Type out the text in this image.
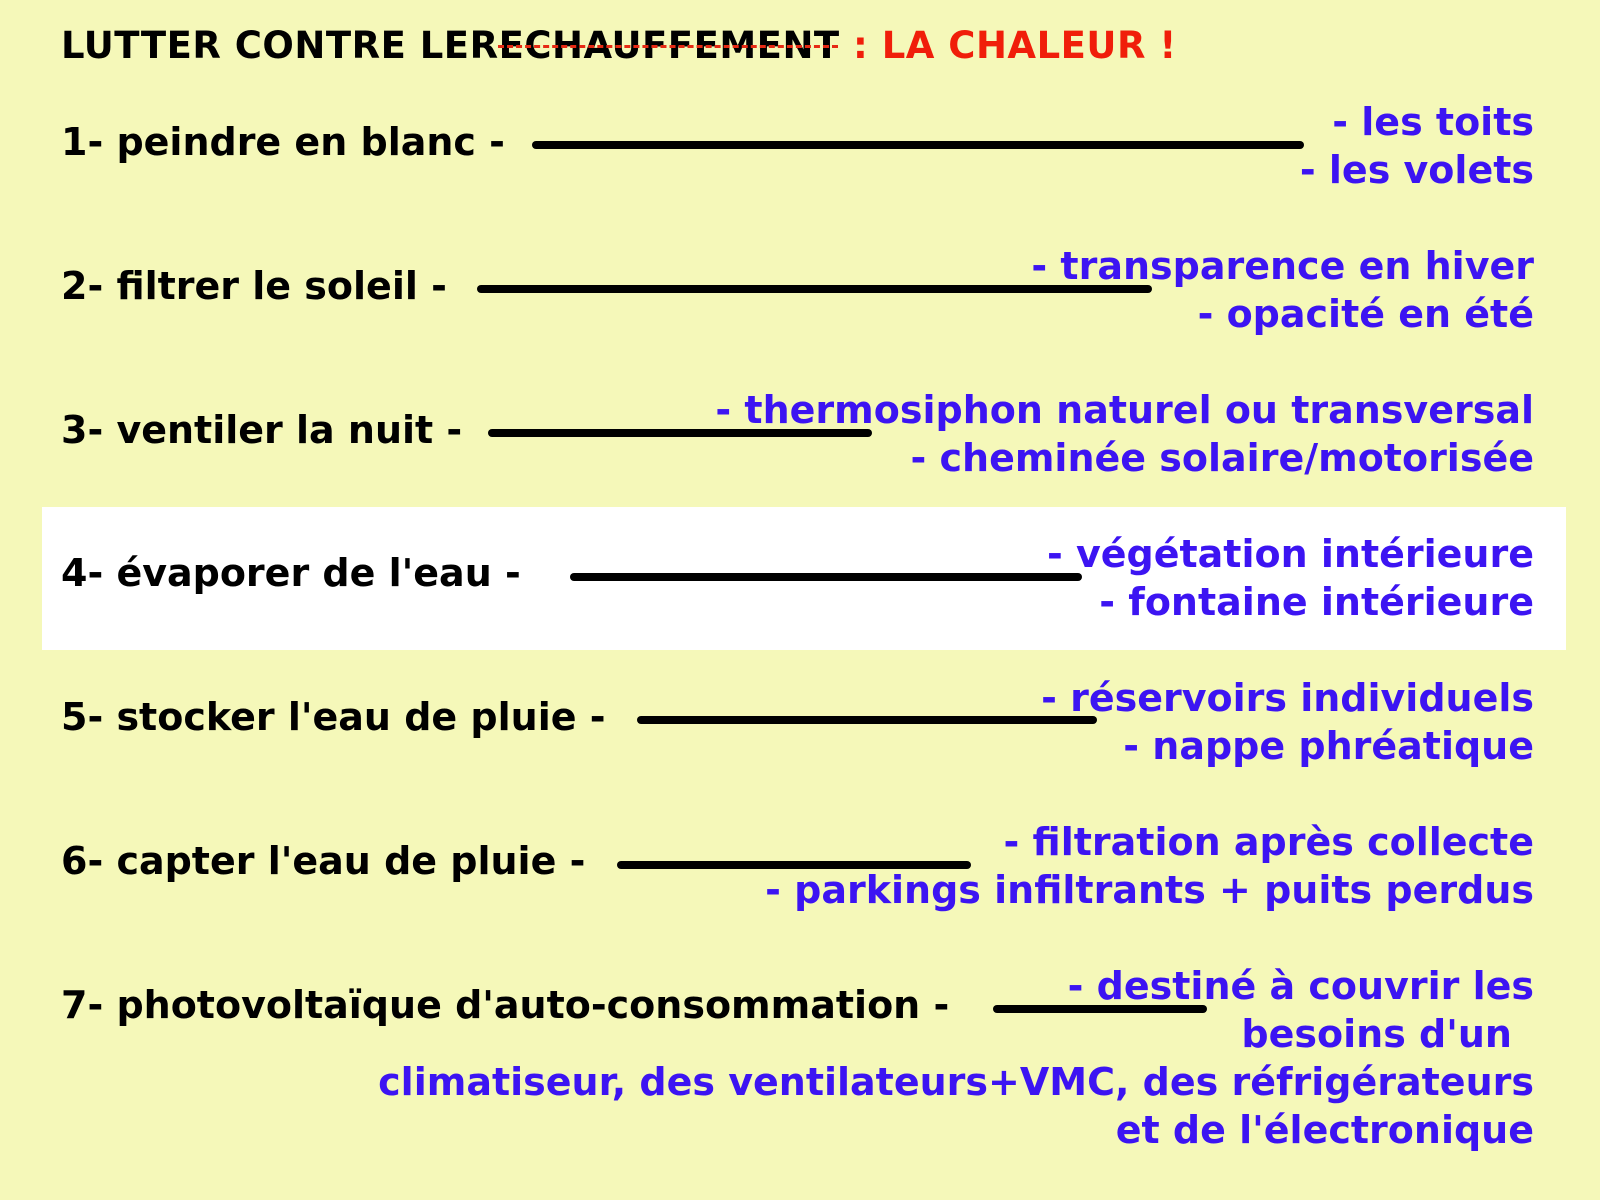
LUTTER CONTRE LERECHAUFFEMENT : LA CHALEUR !
1- peindre en blanc -	- les toits
- les volets
2- filtrer le soleil -	- transparence en hiver
- opacité en été
3- ventiler la nuit -	- thermosiphon naturel ou transversal
- cheminée solaire/motorisée
4- évaporer de l'eau -	- végétation intérieure
- fontaine intérieure
5- stocker l'eau de pluie -	- réservoirs individuels
- nappe phréatique
6- capter l'eau de pluie -	- filtration après collecte
- parkings infiltrants + puits perdus
7- photovoltaïque d'auto-consommation -	- destiné à couvrir les
besoins d'un
climatiseur, des ventilateurs+VMC, des réfrigérateurs
et de l'électronique
